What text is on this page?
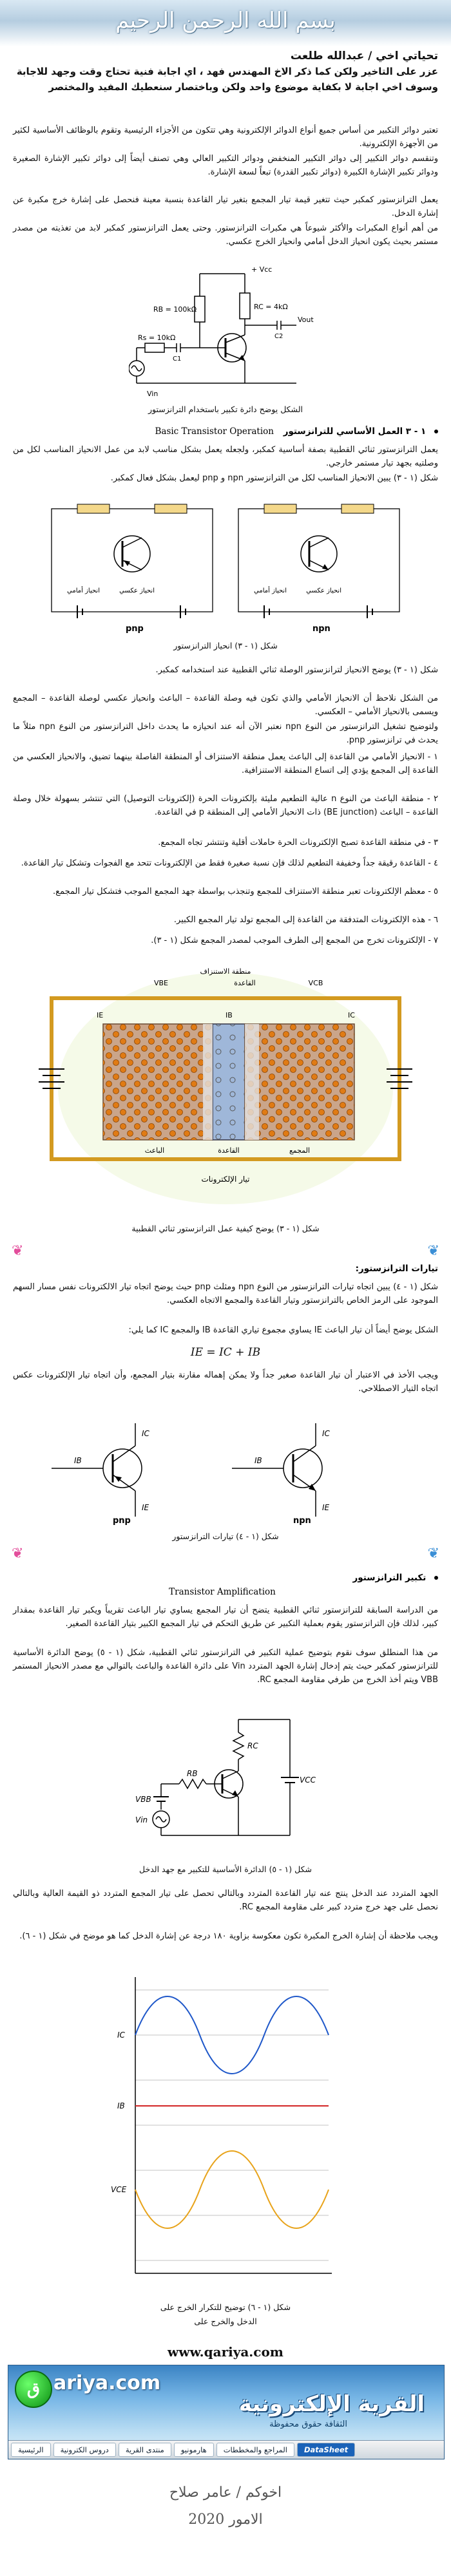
بسم الله الرحمن الرحيم
تحياتي اخي / عبدالله طلعت
عزر على التاخير ولكن كما ذكر الاخ المهندس فهد ، اي اجابة فنية تحتاج وقت وجهد للاجابة وسوف اخي اجابة لا بكفاية موضوع واحد ولكن وباختصار سنعطيك المفيد والمختصر
تعتبر دوائر التكبير من أساس جميع أنواع الدوائر الإلكترونية وهي تتكون من الأجزاء الرئيسية وتقوم بالوظائف الأساسية لكثير من الأجهزة الإلكترونية.
وتنقسم دوائر التكبير إلى دوائر التكبير المنخفض ودوائر التكبير العالي وهي تصنف أيضاً إلى دوائر تكبير الإشارة الصغيرة ودوائر تكبير الإشارة الكبيرة (دوائر تكبير القدرة) تبعاً لسعة الإشارة.
يعمل الترانزستور كمكبر حيث تتغير قيمة تيار المجمع بتغير تيار القاعدة بنسبة معينة فنحصل على إشارة خرج مكبرة عن إشارة الدخل.
من أهم أنواع المكبرات والأكثر شيوعاً هي مكبرات الترانزستور. وحتى يعمل الترانزستور كمكبر لابد من تغذيته من مصدر مستمر بحيث يكون انحياز الدخل أمامي وانحياز الخرج عكسي.
+ Vcc
RC = 4kΩ
RB = 100kΩ
Rs = 10kΩ
Vout
Vin
C1
C2
الشكل يوضح دائرة تكبير باستخدام الترانزستور
١ - ٣ العمل الأساسي للترانزستور Basic Transistor Operation
يعمل الترانزستور ثنائي القطبية بصفة أساسية كمكبر، ولجعله يعمل بشكل مناسب لابد من عمل الانحياز المناسب لكل من وصلتيه بجهد تيار مستمر خارجي.
شكل (١ - ٣) يبين الانحياز المناسب لكل من الترانزستور npn و pnp ليعمل بشكل فعال كمكبر.
npn
انحياز عكسي
انحياز أمامي
pnp
انحياز عكسي
انحياز أمامي
شكل (١ - ٣) انحياز الترانزستور
شكل (١ - ٣) يوضح الانحياز لترانزستور الوصلة ثنائي القطبية عند استخدامه كمكبر.
من الشكل نلاحظ أن الانحياز الأمامي والذي تكون فيه وصلة القاعدة – الباعث وانحياز عكسي لوصلة القاعدة – المجمع ويسمى بالانحياز الأمامي – العكسي.
ولتوضيح تشغيل الترانزستور من النوع npn نعتبر الآن أنه عند انحيازه ما يحدث داخل الترانزستور من النوع npn مثلاً ما يحدث في ترانزستور pnp.
١ - الانحياز الأمامي من القاعدة إلى الباعث يعمل منطقة الاستنزاف أو المنطقة الفاصلة بينهما تضيق، والانحياز العكسي من القاعدة إلى المجمع يؤدي إلى اتساع المنطقة الاستنزافية.
٢ - منطقة الباعث من النوع n عالية التطعيم مليئة بإلكترونات الحرة (إلكترونات التوصيل) التي تنتشر بسهولة خلال وصلة القاعدة – الباعث (BE junction) ذات الانحياز الأمامي إلى المنطقة p في القاعدة.
٣ - في منطقة القاعدة تصبح الإلكترونات الحرة حاملات أقلية وتنتشر تجاه المجمع.
٤ - القاعدة رقيقة جداً وخفيفة التطعيم لذلك فإن نسبة صغيرة فقط من الإلكترونات تتحد مع الفجوات وتشكل تيار القاعدة.
٥ - معظم الإلكترونات تعبر منطقة الاستنزاف للمجمع وتنجذب بواسطة جهد المجمع الموجب فتشكل تيار المجمع.
٦ - هذه الإلكترونات المتدفقة من القاعدة إلى المجمع تولد تيار المجمع الكبير.
٧ - الإلكترونات تخرج من المجمع إلى الطرف الموجب لمصدر المجمع شكل (١ - ٣).
منطقة الاستنزاف
القاعدة
VBE	VCB
الباعث	القاعدة	المجمع
IE	IB	IC
تيار الإلكترونات
شكل (١ - ٣) يوضح كيفية عمل الترانزستور ثنائي القطبية
❦	❦
تيارات الترانزستور:
شكل (١ - ٤) يبين اتجاه تيارات الترانزستور من النوع npn ومثلث pnp حيث يوضح اتجاه تيار الالكترونات نفس مسار السهم الموجود على الرمز الخاص بالترانزستور وتيار القاعدة والمجمع الاتجاه العكسي.
الشكل يوضح أيضاً أن تيار الباعث IE يساوي مجموع تياري القاعدة IB والمجمع IC كما يلي:
IE = IC + IB
ويجب الأخذ في الاعتبار أن تيار القاعدة صغير جداً ولا يمكن إهماله مقارنة بتيار المجمع، وأن اتجاه تيار الإلكترونات عكس اتجاه التيار الاصطلاحي.
IB
IC
IE
npn
IB
IC
IE
pnp
شكل (١ - ٤) تيارات الترانزستور
❦	❦
تكبير الترانزستور
Transistor Amplification
من الدراسة السابقة للترانزستور ثنائي القطبية يتضح أن تيار المجمع يساوي تيار الباعث تقريباً ويكبر تيار القاعدة بمقدار كبير، لذلك فإن الترانزستور يقوم بعملية التكبير عن طريق التحكم في تيار المجمع الكبير بتيار القاعدة الصغير.
من هذا المنطلق سوف نقوم بتوضيح عملية التكبير في الترانزستور ثنائي القطبية، شكل (١ - ٥) يوضح الدائرة الأساسية للترانزستور كمكبر حيث يتم إدخال إشارة الجهد المتردد Vin على دائرة القاعدة والباعث بالتوالي مع مصدر الانحياز المستمر VBB ويتم أخذ الخرج من طرفي مقاومة المجمع RC.
Vin
VBB
RB
RC
VCC
شكل (١ - ٥) الدائرة الأساسية للتكبير مع جهد الدخل
الجهد المتردد عند الدخل ينتج عنه تيار القاعدة المتردد وبالتالي تحصل على تيار المجمع المتردد ذو القيمة العالية وبالتالي نحصل على جهد خرج متردد كبير على مقاومة المجمع RC.
ويجب ملاحظة أن إشارة الخرج المكبرة تكون معكوسة بزاوية ١٨٠ درجة عن إشارة الدخل كما هو موضح في شكل (١ - ٦).
IC
IB
VCE
شكل (١ - ٦) توضيح للتكرار الخرج على
الدخل والخرج على
www.qariya.com
ق ariya.com
القرية الإلكترونية
الثقافة حقوق محفوظة
DataSheet
المراجع والمخططات
هارمونيو
منتدى القرية
دروس الكترونية
الرئيسية
اخوكم / عامر صلاح
الامور 2020
